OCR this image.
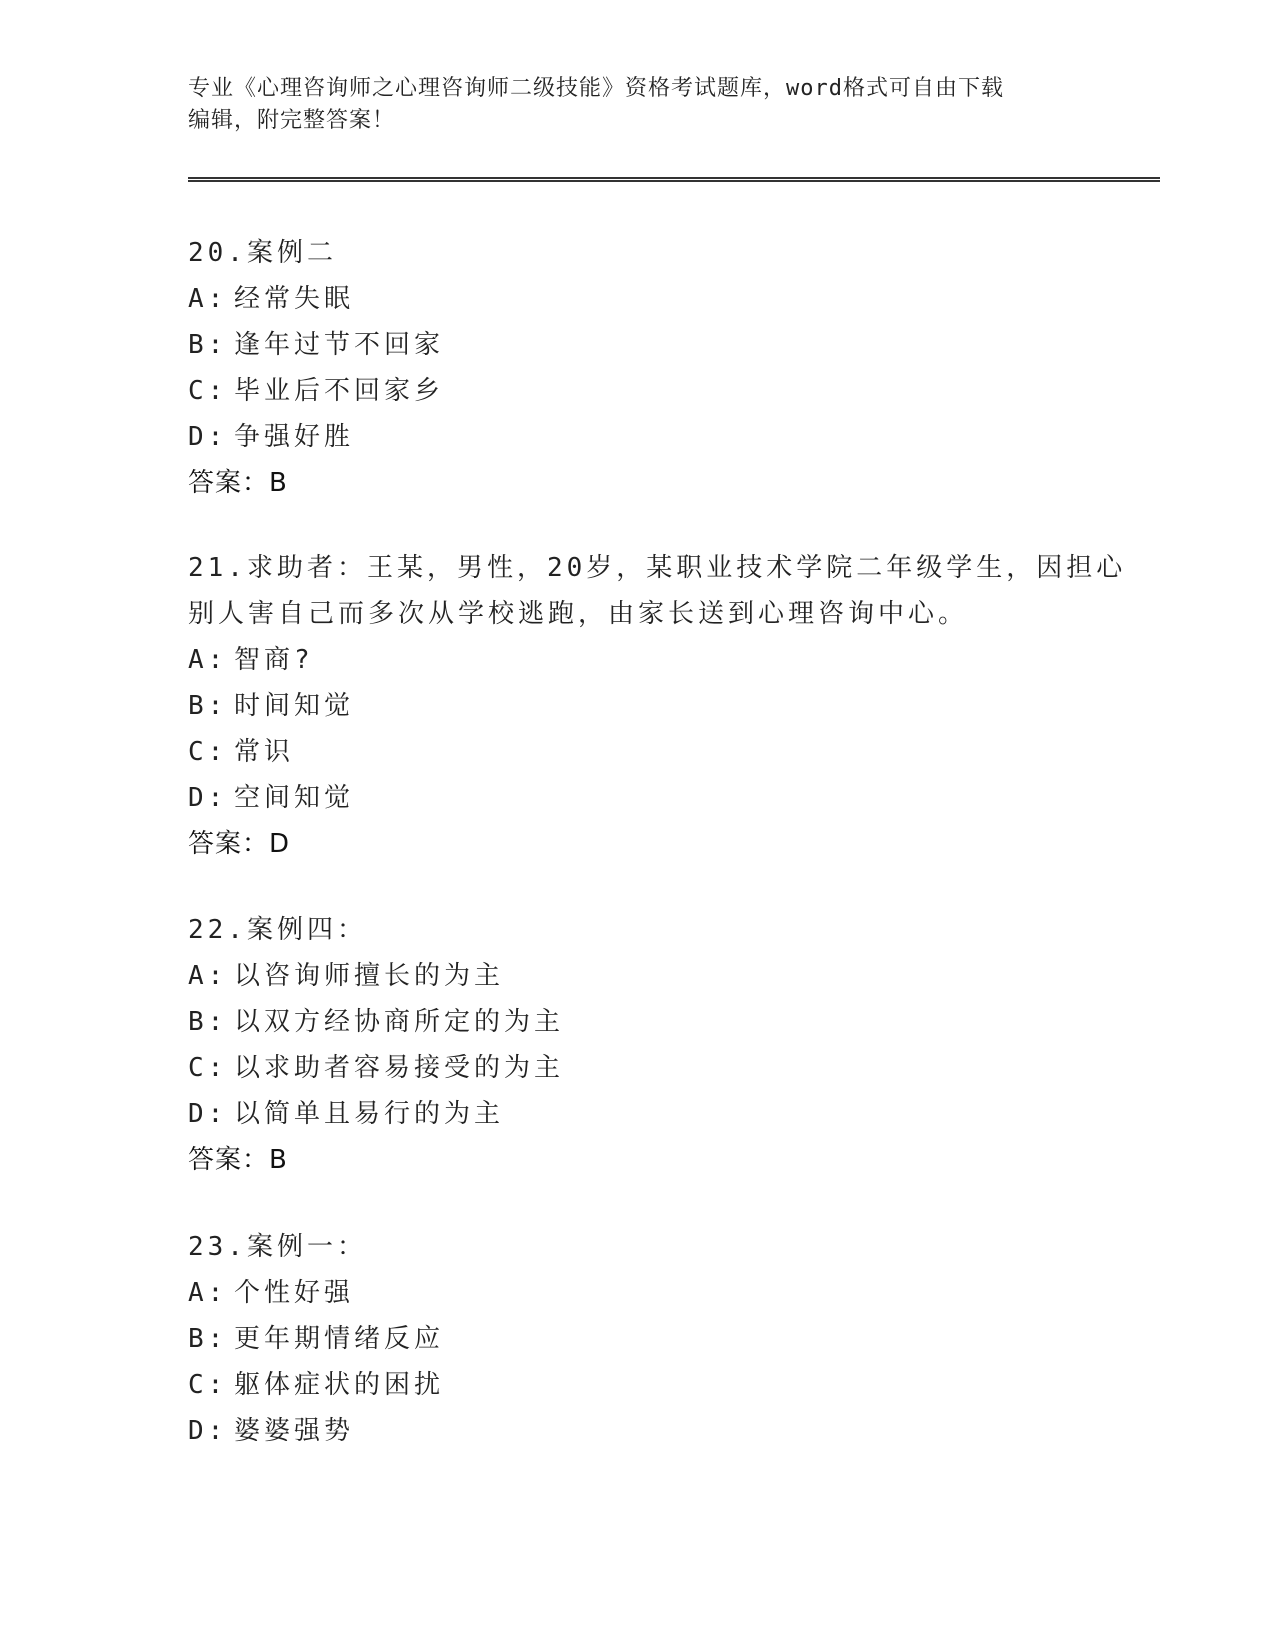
专业《心理咨询师之心理咨询师二级技能》资格考试题库，word格式可自由下载
编辑，附完整答案！
20.案例二
A: 经常失眠
B: 逢年过节不回家
C: 毕业后不回家乡
D: 争强好胜
答案：B
21.求助者：王某，男性，20岁，某职业技术学院二年级学生，因担心
别人害自己而多次从学校逃跑，由家长送到心理咨询中心。
A: 智商?
B: 时间知觉
C: 常识
D: 空间知觉
答案：D
22.案例四：
A: 以咨询师擅长的为主
B: 以双方经协商所定的为主
C: 以求助者容易接受的为主
D: 以简单且易行的为主
答案：B
23.案例一：
A: 个性好强
B: 更年期情绪反应
C: 躯体症状的困扰
D: 婆婆强势
